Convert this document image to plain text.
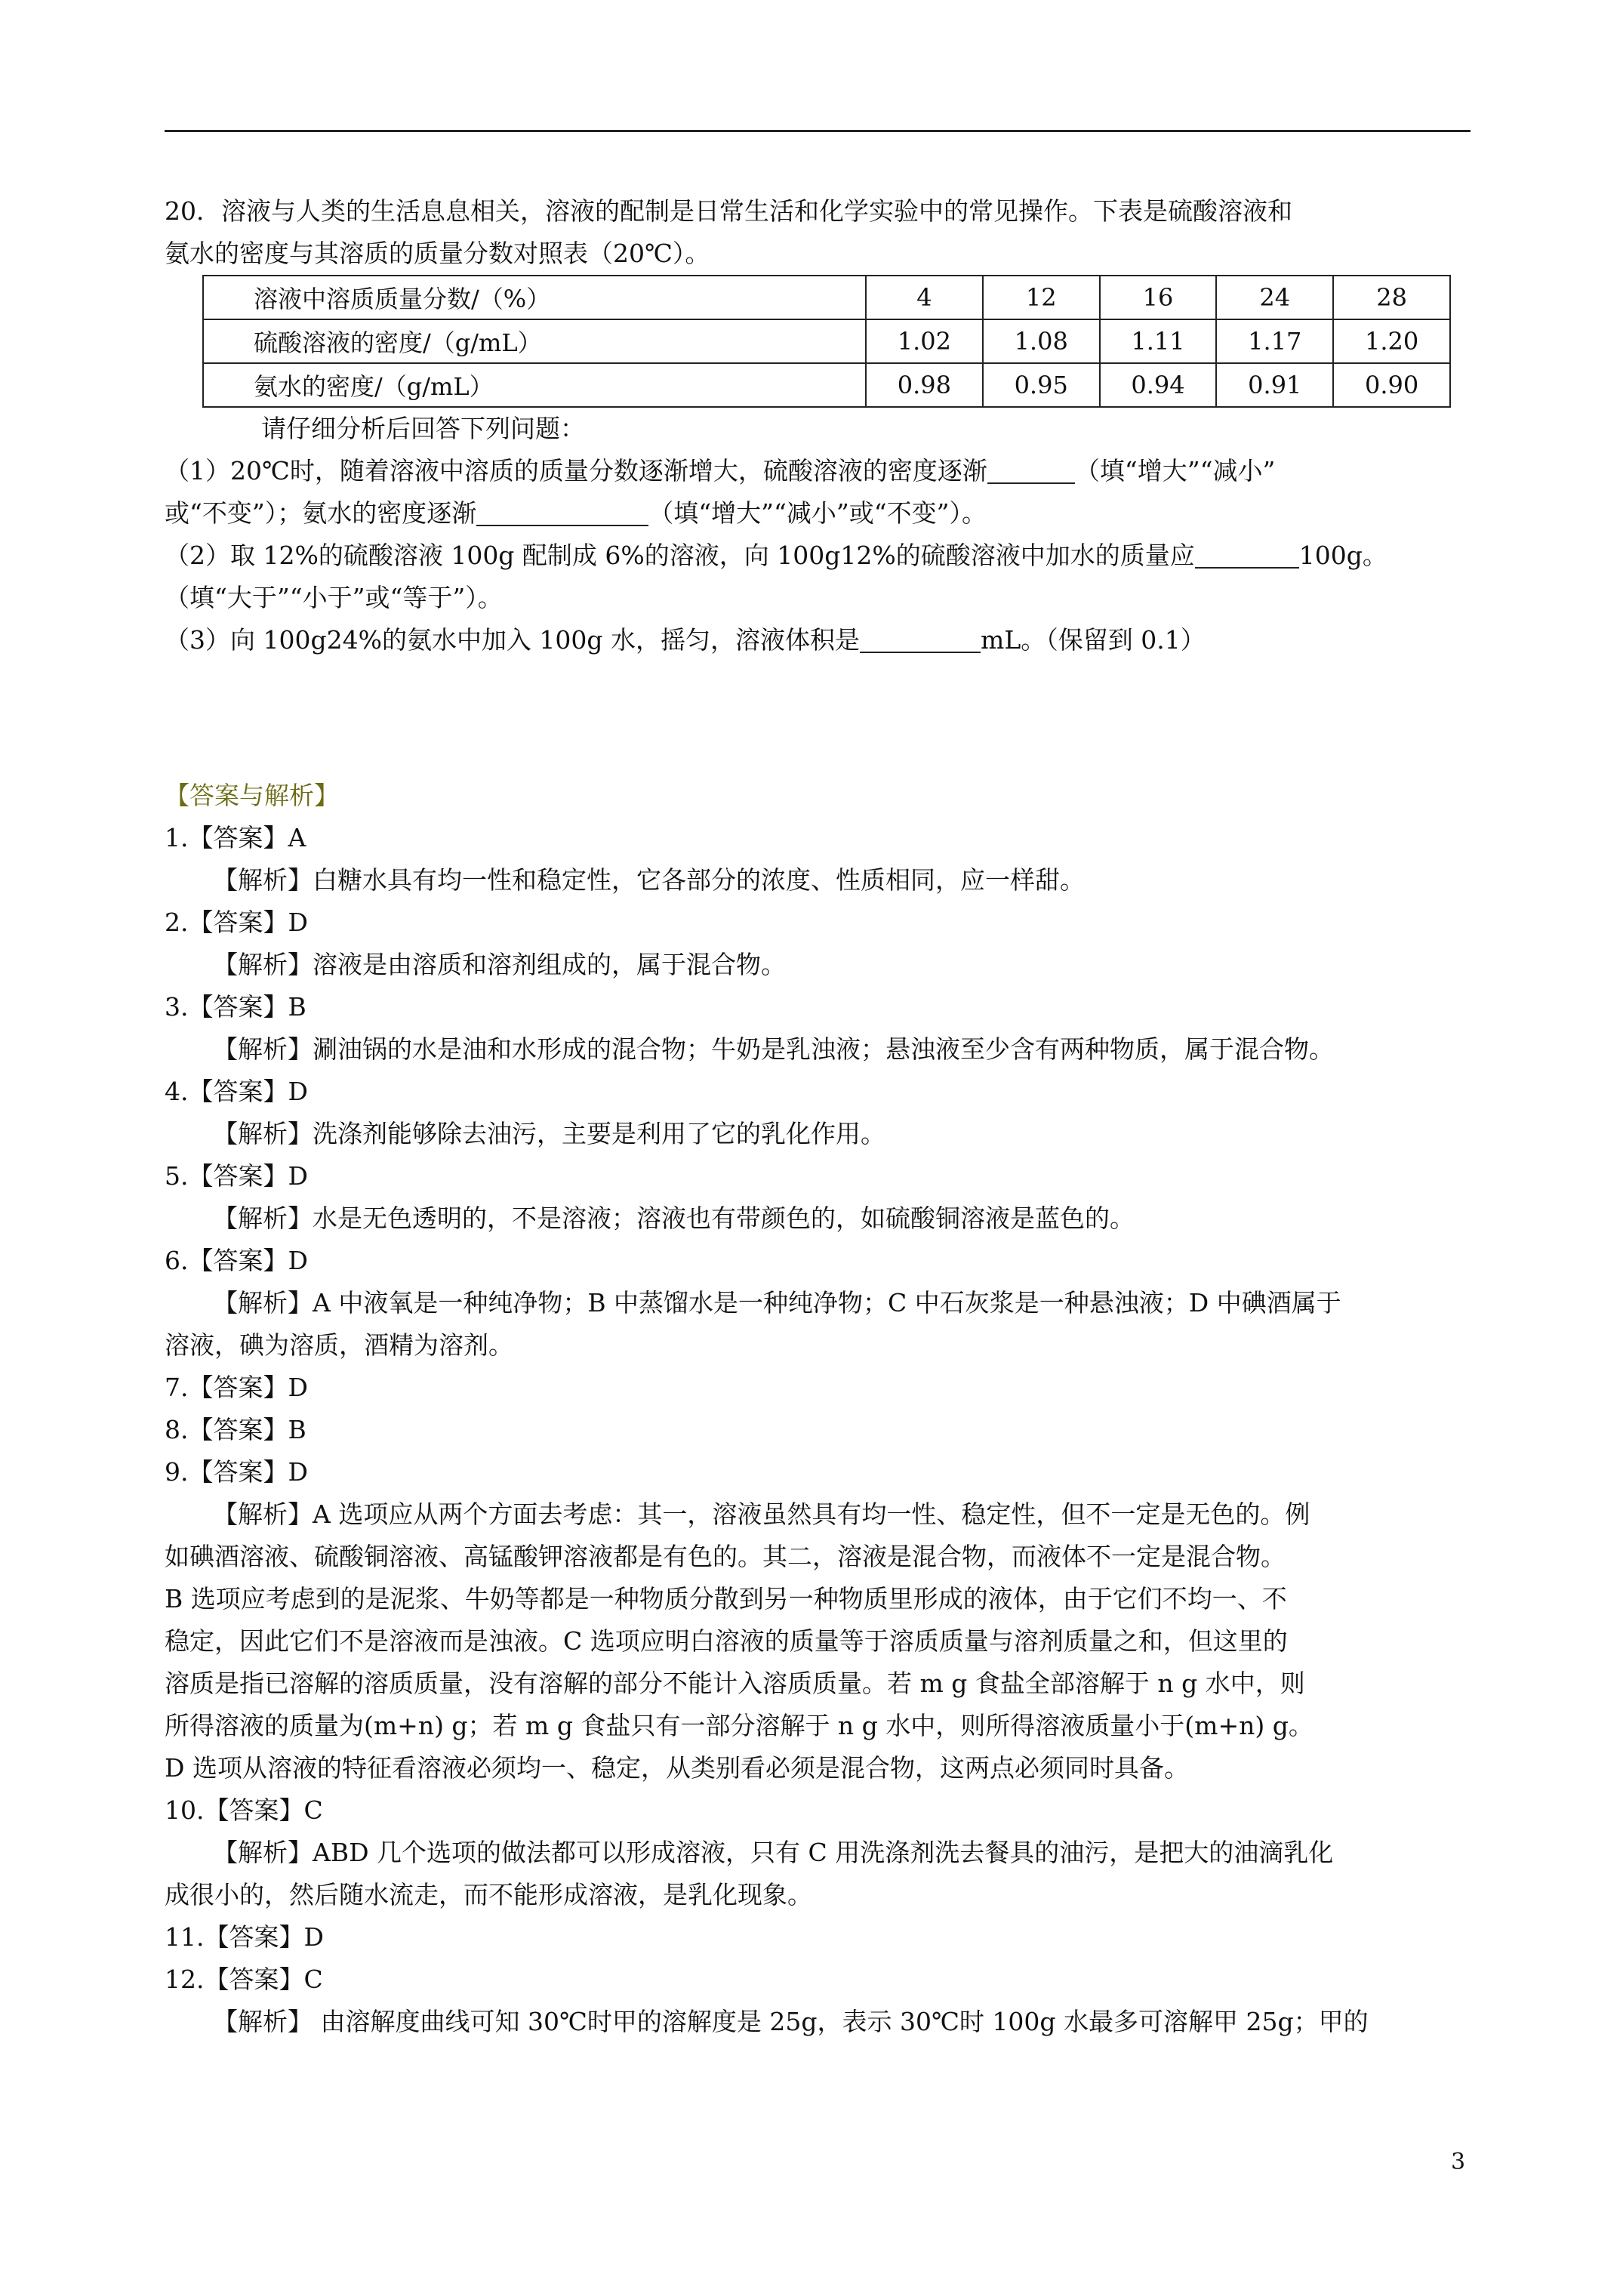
20．溶液与人类的生活息息相关，溶液的配制是日常生活和化学实验中的常见操作。下表是硫酸溶液和
氨水的密度与其溶质的质量分数对照表（20℃）。
溶液中溶质质量分数/（%）	4	12	16	24	28
硫酸溶液的密度/（g/mL）	1.02	1.08	1.11	1.17	1.20
氨水的密度/（g/mL）	0.98	0.95	0.94	0.91	0.90
请仔细分析后回答下列问题：
（1）20℃时，随着溶液中溶质的质量分数逐渐增大，硫酸溶液的密度逐渐	（填“增大”“减小”
或“不变”）；氨水的密度逐渐	（填“增大”“减小”或“不变”）。
（2）取 12%的硫酸溶液 100g 配制成 6%的溶液，向 100g12%的硫酸溶液中加水的质量应	100g。
（填“大于”“小于”或“等于”）。
（3）向 100g24%的氨水中加入 100g 水，摇匀，溶液体积是	mL。（保留到 0.1）
【答案与解析】
1.【答案】A
【解析】白糖水具有均一性和稳定性，它各部分的浓度、性质相同，应一样甜。
2.【答案】D
【解析】溶液是由溶质和溶剂组成的，属于混合物。
3.【答案】B
【解析】涮油锅的水是油和水形成的混合物；牛奶是乳浊液；悬浊液至少含有两种物质，属于混合物。
4.【答案】D
【解析】洗涤剂能够除去油污，主要是利用了它的乳化作用。
5.【答案】D
【解析】水是无色透明的，不是溶液；溶液也有带颜色的，如硫酸铜溶液是蓝色的。
6.【答案】D
【解析】A 中液氧是一种纯净物；B 中蒸馏水是一种纯净物；C 中石灰浆是一种悬浊液；D 中碘酒属于
溶液，碘为溶质，酒精为溶剂。
7.【答案】D
8.【答案】B
9.【答案】D
【解析】A 选项应从两个方面去考虑：其一，溶液虽然具有均一性、稳定性，但不一定是无色的。例
如碘酒溶液、硫酸铜溶液、高锰酸钾溶液都是有色的。其二，溶液是混合物，而液体不一定是混合物。
B 选项应考虑到的是泥浆、牛奶等都是一种物质分散到另一种物质里形成的液体，由于它们不均一、不
稳定，因此它们不是溶液而是浊液。C 选项应明白溶液的质量等于溶质质量与溶剂质量之和，但这里的
溶质是指已溶解的溶质质量，没有溶解的部分不能计入溶质质量。若 m g 食盐全部溶解于 n g 水中，则
所得溶液的质量为(m+n) g；若 m g 食盐只有一部分溶解于 n g 水中，则所得溶液质量小于(m+n) g。
D 选项从溶液的特征看溶液必须均一、稳定，从类别看必须是混合物，这两点必须同时具备。
10.【答案】C
【解析】ABD 几个选项的做法都可以形成溶液，只有 C 用洗涤剂洗去餐具的油污，是把大的油滴乳化
成很小的，然后随水流走，而不能形成溶液，是乳化现象。
11.【答案】D
12.【答案】C
【解析】 由溶解度曲线可知 30℃时甲的溶解度是 25g，表示 30℃时 100g 水最多可溶解甲 25g；甲的
3
